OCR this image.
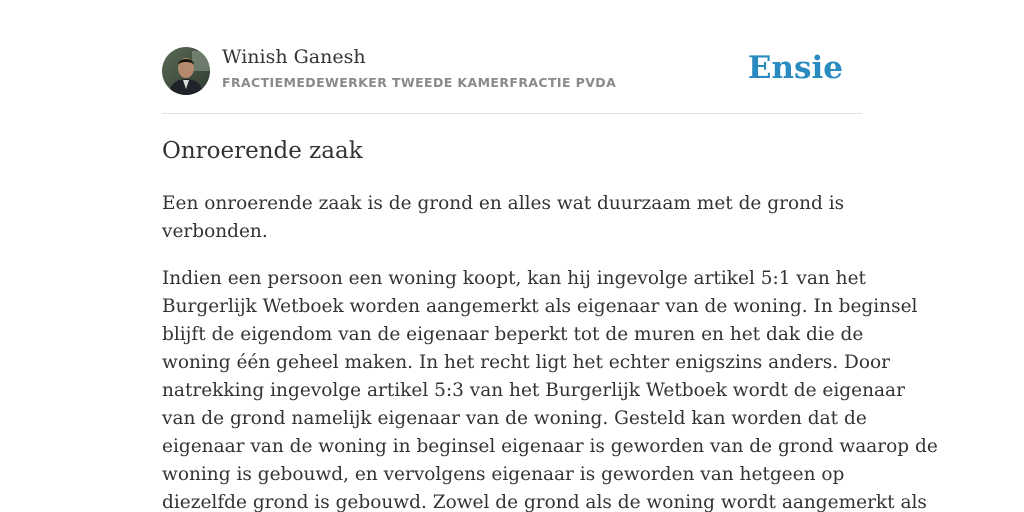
Winish Ganesh
FRACTIEMEDEWERKER TWEEDE KAMERFRACTIE PVDA	Ensie
Onroerende zaak

Een onroerende zaak is de grond en alles wat duurzaam met de grond is
verbonden.

Indien een persoon een woning koopt, kan hij ingevolge artikel 5:1 van het
Burgerlijk Wetboek worden aangemerkt als eigenaar van de woning. In beginsel
blijft de eigendom van de eigenaar beperkt tot de muren en het dak die de
woning één geheel maken. In het recht ligt het echter enigszins anders. Door
natrekking ingevolge artikel 5:3 van het Burgerlijk Wetboek wordt de eigenaar
van de grond namelijk eigenaar van de woning. Gesteld kan worden dat de
eigenaar van de woning in beginsel eigenaar is geworden van de grond waarop de
woning is gebouwd, en vervolgens eigenaar is geworden van hetgeen op
diezelfde grond is gebouwd. Zowel de grond als de woning wordt aangemerkt als
